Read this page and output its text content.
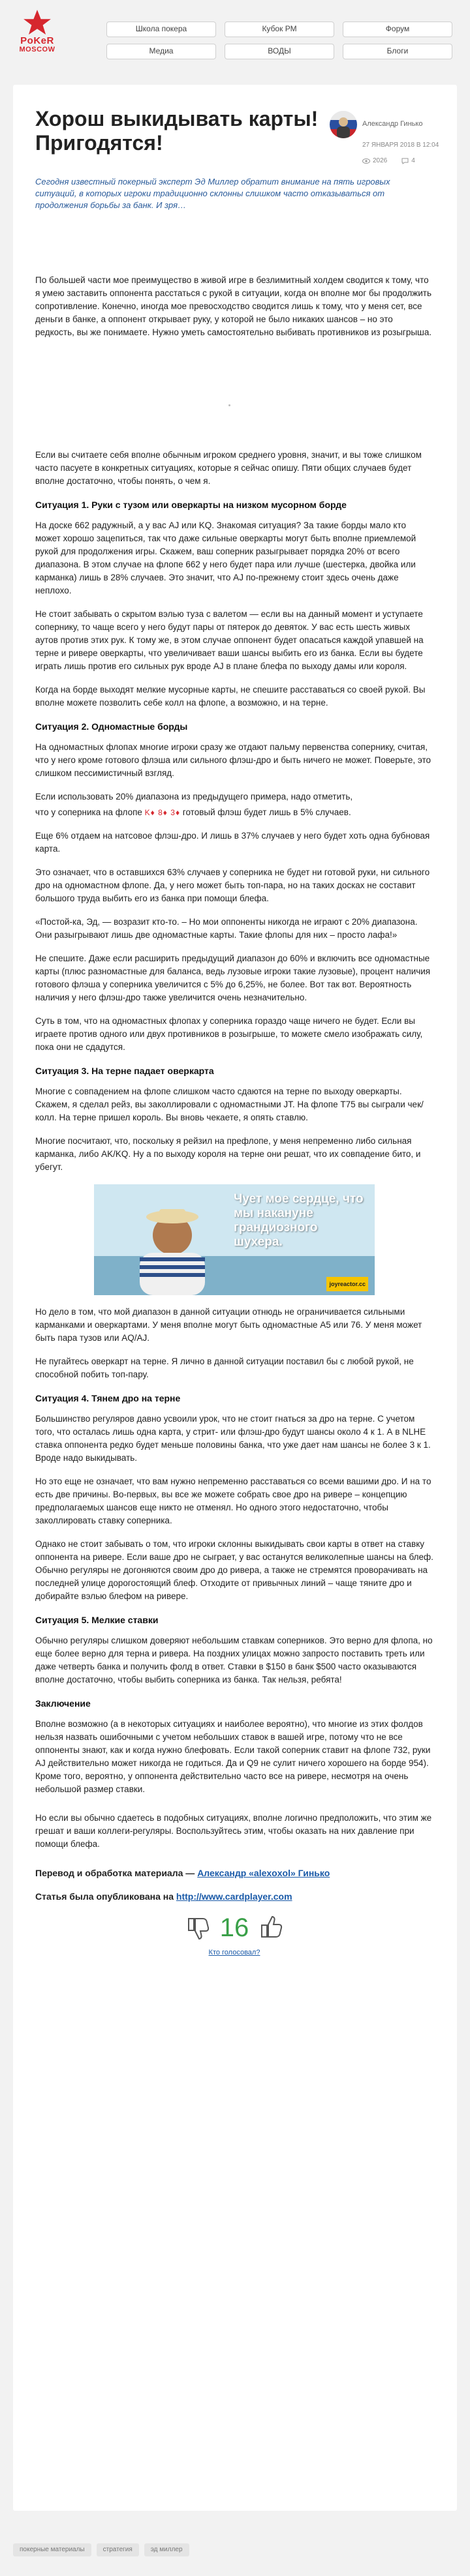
PoKeR
MOSCOW
Школа покера	Кубок РМ	Форум
Медиа	ВОДЫ	Блоги
Хорош выкидывать карты! Пригодятся!
Александр Гинько
27 ЯНВАРЯ 2018 В 12:04
2026	4

Сегодня известный покерный эксперт Эд Миллер обратит внимание на пять игровых ситуаций, в которых игроки традиционно склонны слишком часто отказываться от продолжения борьбы за банк. И зря…

По большей части мое преимущество в живой игре в безлимитный холдем сводится к тому, что я умею заставить оппонента расстаться с рукой в ситуации, когда он вполне мог бы продолжить сопротивление. Конечно, иногда мое превосходство сводится лишь к тому, что у меня сет, все деньги в банке, а оппонент открывает руку, у которой не было никаких шансов – но это редкость, вы же понимаете. Нужно уметь самостоятельно выбивать противников из розыгрыша.

Если вы считаете себя вполне обычным игроком среднего уровня, значит, и вы тоже слишком часто пасуете в конкретных ситуациях, которые я сейчас опишу. Пяти общих случаев будет вполне достаточно, чтобы понять, о чем я.

Ситуация 1. Руки с тузом или оверкарты на низком мусорном борде

На доске 662 радужный, а у вас AJ или KQ. Знакомая ситуация? За такие борды мало кто может хорошо зацепиться, так что даже сильные оверкарты могут быть вполне приемлемой рукой для продолжения игры. Скажем, ваш соперник разыгрывает порядка 20% от всего диапазона. В этом случае на флопе 662 у него будет пара или лучше (шестерка, двойка или карманка) лишь в 28% случаев. Это значит, что AJ по-прежнему стоит здесь очень даже неплохо.

Не стоит забывать о скрытом вэлью туза с валетом — если вы на данный момент и уступаете сопернику, то чаще всего у него будут пары от пятерок до девяток. У вас есть шесть живых аутов против этих рук. К тому же, в этом случае оппонент будет опасаться каждой упавшей на терне и ривере оверкарты, что увеличивает ваши шансы выбить его из банка. Если вы будете играть лишь против его сильных рук вроде AJ в плане блефа по выходу дамы или короля.

Когда на борде выходят мелкие мусорные карты, не спешите расставаться со своей рукой. Вы вполне можете позволить себе колл на флопе, а возможно, и на терне.

Ситуация 2. Одномастные борды

На одномастных флопах многие игроки сразу же отдают пальму первенства сопернику, считая, что у него кроме готового флэша или сильного флэш-дро и быть ничего не может. Поверьте, это слишком пессимистичный взгляд.

Если использовать 20% диапазона из предыдущего примера, надо отметить,

что у соперника на флопе K♦ 8♦ 3♦ готовый флэш будет лишь в 5% случаев.

Еще 6% отдаем на натсовое флэш-дро. И лишь в 37% случаев у него будет хоть одна бубновая карта.

Это означает, что в оставшихся 63% случаев у соперника не будет ни готовой руки, ни сильного дро на одномастном флопе. Да, у него может быть топ-пара, но на таких досках не составит большого труда выбить его из банка при помощи блефа.

«Постой-ка, Эд, — возразит кто-то. – Но мои оппоненты никогда не играют с 20% диапазона. Они разыгрывают лишь две одномастные карты. Такие флопы для них – просто лафа!»

Не спешите. Даже если расширить предыдущий диапазон до 60% и включить все одномастные карты (плюс разномастные для баланса, ведь лузовые игроки такие лузовые), процент наличия готового флэша у соперника увеличится с 5% до 6,25%, не более. Вот так вот. Вероятность наличия у него флэш-дро также увеличится очень незначительно.

Суть в том, что на одномастных флопах у соперника гораздо чаще ничего не будет. Если вы играете против одного или двух противников в розыгрыше, то можете смело изображать силу, пока они не сдадутся.

Ситуация 3. На терне падает оверкарта

Многие с совпадением на флопе слишком часто сдаются на терне по выходу оверкарты. Скажем, я сделал рейз, вы заколлировали с одномастными JT. На флопе T75 вы сыграли чек/колл. На терне пришел король. Вы вновь чекаете, я опять ставлю.

Многие посчитают, что, поскольку я рейзил на префлопе, у меня непременно либо сильная карманка, либо AK/KQ. Ну а по выходу короля на терне они решат, что их совпадение бито, и убегут.

Чует мое сердце, что мы накануне грандиозного шухера.
joyreactor.cc

Но дело в том, что мой диапазон в данной ситуации отнюдь не ограничивается сильными карманками и оверкартами. У меня вполне могут быть одномастные A5 или 76. У меня может быть пара тузов или AQ/AJ.

Не пугайтесь оверкарт на терне. Я лично в данной ситуации поставил бы с любой рукой, не способной побить топ-пару.

Ситуация 4. Тянем дро на терне

Большинство регуляров давно усвоили урок, что не стоит гнаться за дро на терне. С учетом того, что осталась лишь одна карта, у стрит- или флэш-дро будут шансы около 4 к 1. А в NLHE ставка оппонента редко будет меньше половины банка, что уже дает нам шансы не более 3 к 1. Вроде надо выкидывать.

Но это еще не означает, что вам нужно непременно расставаться со всеми вашими дро. И на то есть две причины. Во-первых, вы все же можете собрать свое дро на ривере – концепцию предполагаемых шансов еще никто не отменял. Но одного этого недостаточно, чтобы заколлировать ставку соперника.

Однако не стоит забывать о том, что игроки склонны выкидывать свои карты в ответ на ставку оппонента на ривере. Если ваше дро не сыграет, у вас останутся великолепные шансы на блеф. Обычно регуляры не догоняются своим дро до ривера, а также не стремятся проворачивать на последней улице дорогостоящий блеф. Отходите от привычных линий – чаще тяните дро и добирайте вэлью блефом на ривере.

Ситуация 5. Мелкие ставки

Обычно регуляры слишком доверяют небольшим ставкам соперников. Это верно для флопа, но еще более верно для терна и ривера. На поздних улицах можно запросто поставить треть или даже четверть банка и получить фолд в ответ. Ставки в $150 в банк $500 часто оказываются вполне достаточно, чтобы выбить соперника из банка. Так нельзя, ребята!

Заключение

Вполне возможно (а в некоторых ситуациях и наиболее вероятно), что многие из этих фолдов нельзя назвать ошибочными с учетом небольших ставок в вашей игре, потому что не все оппоненты знают, как и когда нужно блефовать. Если такой соперник ставит на флопе 732, руки AJ действительно может никогда не годиться. Да и Q9 не сулит ничего хорошего на борде 954). Кроме того, вероятно, у оппонента действительно часто все на ривере, несмотря на очень небольшой размер ставки.

Но если вы обычно сдаетесь в подобных ситуациях, вполне логично предположить, что этим же грешат и ваши коллеги-регуляры. Воспользуйтесь этим, чтобы оказать на них давление при помощи блефа.

Перевод и обработка материала — Александр «alexoxol» Гинько

Статья была опубликована на http://www.cardplayer.com

16
Кто голосовал?
покерные материалы	стратегия	эд миллер
